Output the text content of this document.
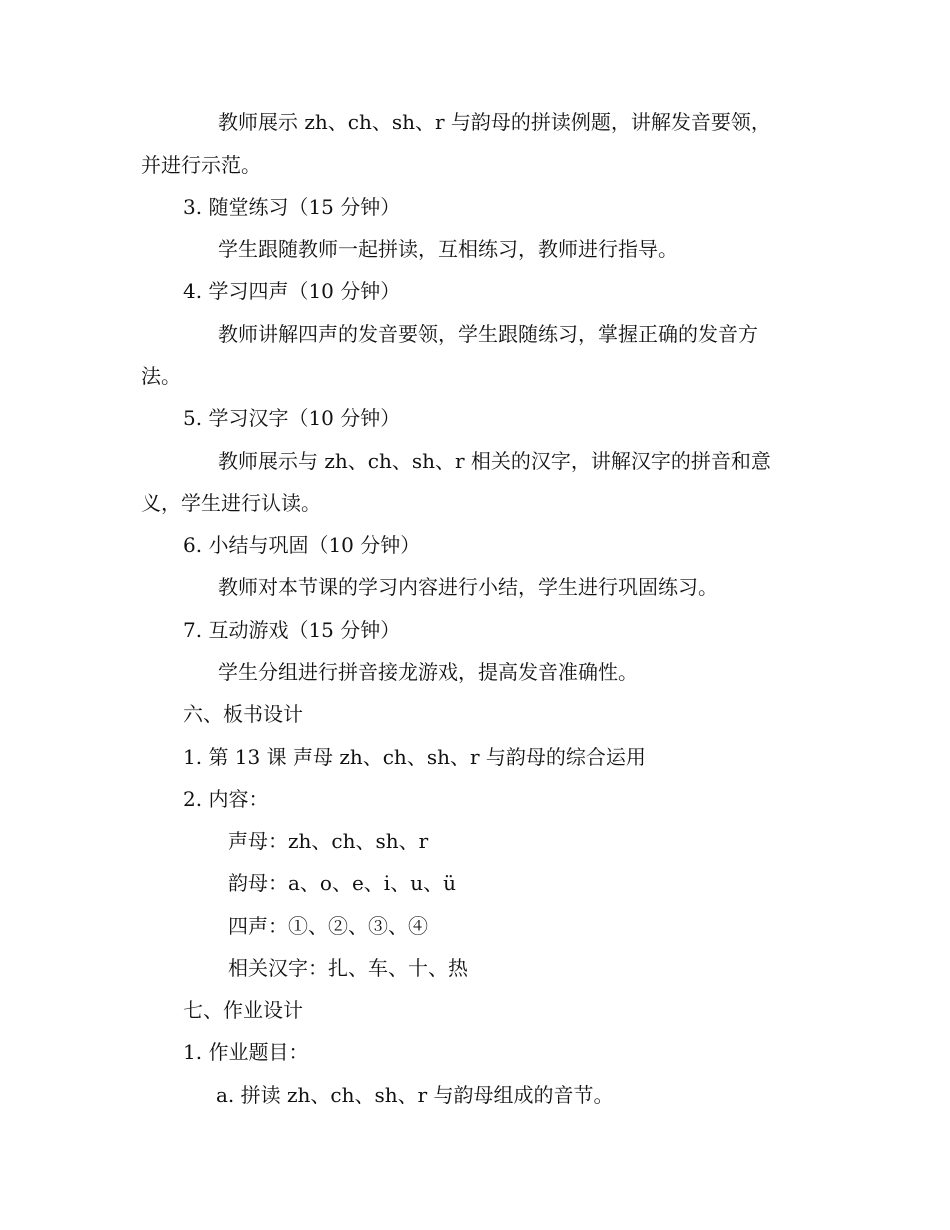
教师展示 zh、ch、sh、r 与韵母的拼读例题，讲解发音要领，
并进行示范。
3. 随堂练习（15 分钟）
学生跟随教师一起拼读，互相练习，教师进行指导。
4. 学习四声（10 分钟）
教师讲解四声的发音要领，学生跟随练习，掌握正确的发音方
法。
5. 学习汉字（10 分钟）
教师展示与 zh、ch、sh、r 相关的汉字，讲解汉字的拼音和意
义，学生进行认读。
6. 小结与巩固（10 分钟）
教师对本节课的学习内容进行小结，学生进行巩固练习。
7. 互动游戏（15 分钟）
学生分组进行拼音接龙游戏，提高发音准确性。
六、板书设计
1. 第 13 课 声母 zh、ch、sh、r 与韵母的综合运用
2. 内容：
声母：zh、ch、sh、r
韵母：a、o、e、i、u、ü
四声：①、②、③、④
相关汉字：扎、车、十、热
七、作业设计
1. 作业题目：
a. 拼读 zh、ch、sh、r 与韵母组成的音节。
